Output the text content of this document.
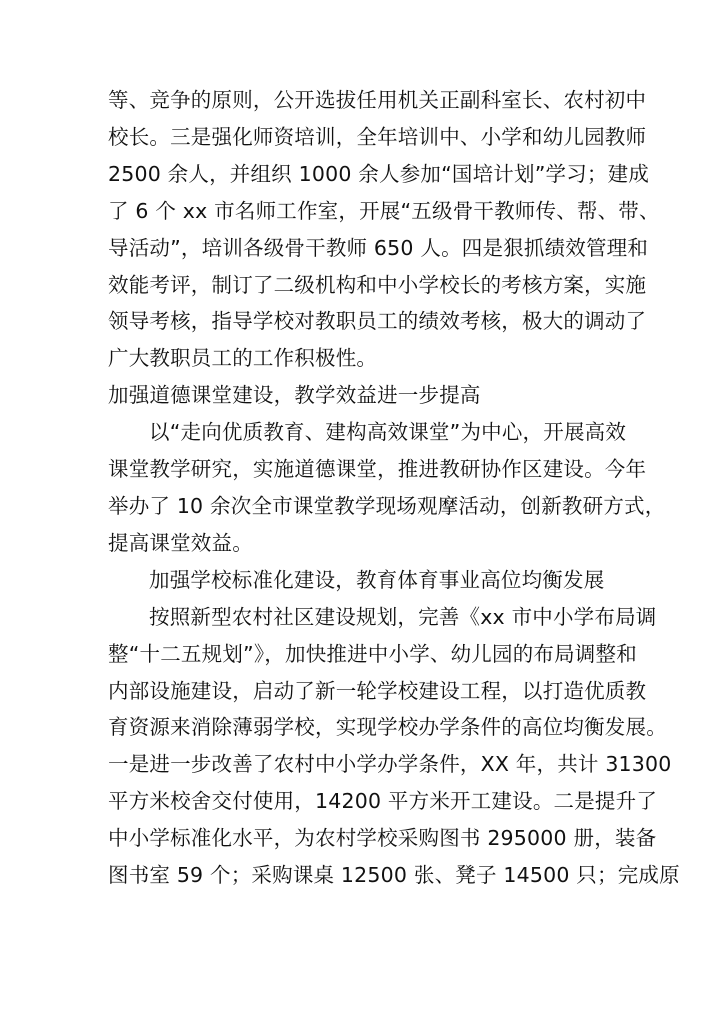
等、竞争的原则，公开选拔任用机关正副科室长、农村初中
校长。三是强化师资培训，全年培训中、小学和幼儿园教师
2500 余人，并组织 1000 余人参加“国培计划”学习；建成
了 6 个 xx 市名师工作室，开展“五级骨干教师传、帮、带、
导活动”，培训各级骨干教师 650 人。四是狠抓绩效管理和
效能考评，制订了二级机构和中小学校长的考核方案，实施
领导考核，指导学校对教职员工的绩效考核，极大的调动了
广大教职员工的工作积极性。
加强道德课堂建设，教学效益进一步提高
以“走向优质教育、建构高效课堂”为中心，开展高效
课堂教学研究，实施道德课堂，推进教研协作区建设。今年
举办了 10 余次全市课堂教学现场观摩活动，创新教研方式，
提高课堂效益。
加强学校标准化建设，教育体育事业高位均衡发展
按照新型农村社区建设规划，完善《xx 市中小学布局调
整“十二五规划”》，加快推进中小学、幼儿园的布局调整和
内部设施建设，启动了新一轮学校建设工程，以打造优质教
育资源来消除薄弱学校，实现学校办学条件的高位均衡发展。
一是进一步改善了农村中小学办学条件，XX 年，共计 31300
平方米校舍交付使用，14200 平方米开工建设。二是提升了
中小学标准化水平，为农村学校采购图书 295000 册，装备
图书室 59 个；采购课桌 12500 张、凳子 14500 只；完成原
